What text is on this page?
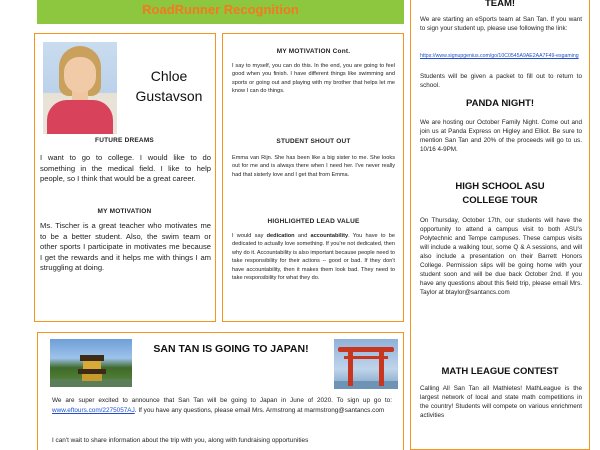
RoadRunner Recognition
Chloe
Gustavson
FUTURE DREAMS
I want to go to college. I would like to do something in the medical field. I like to help people, so I think that would be a great career.
MY MOTIVATION
Ms. Tischer is a great teacher who motivates me to be a better student. Also, the swim team or other sports I participate in motivates me because I get the rewards and it helps me with things I am struggling at doing.
MY MOTIVATION Cont.
I say to myself, you can do this. In the end, you are going to feel good when you finish. I have different things like swimming and sports or going out and playing with my brother that helps let me know I can do things.
STUDENT SHOUT OUT
Emma van Rijn. She has been like a big sister to me. She looks out for me and is always there when I need her. I've never really had that sisterly love and I get that from Emma.
HIGHLIGHTED LEAD VALUE
I would say dedication and accountability. You have to be dedicated to actually love something. If you're not dedicated, then why do it. Accountability is also important because people need to take responsibility for their actions -- good or bad. If they don't have accountability, then it makes them look bad. They need to take responsibility for what they do.
TEAM!
We are starting an eSports team at San Tan. If you want to sign your student up, please use following the link:
https://www.signupgenius.com/go/10C0545A9AE2AA7F49-esgaming
Students will be given a packet to fill out to return to school.
PANDA NIGHT!
We are hosting our October Family Night. Come out and join us at Panda Express on Higley and Elliot. Be sure to mention San Tan and 20% of the proceeds will go to us. 10/16 4-9PM.
HIGH SCHOOL ASU
COLLEGE TOUR
On Thursday, October 17th, our students will have the opportunity to attend a campus visit to both ASU's Polytechnic and Tempe campuses. These campus visits will include a walking tour, some Q & A sessions, and will also include a presentation on their Barrett Honors College. Permission slips will be going home with your student soon and will be due back October 2nd. If you have any questions about this field trip, please email Mrs. Taylor at btaylor@santancs.com
MATH LEAGUE CONTEST
Calling All San Tan all Mathletes! MathLeague is the largest network of local and state math competitions in the country! Students will compete on various enrichment activities
SAN TAN IS GOING TO JAPAN!
We are super excited to announce that San Tan will be going to Japan in June of 2020. To sign up go to: www.eftours.com/2275057AJ. If you have any questions, please email Mrs. Armstrong at marmstrong@santancs.com
I can't wait to share information about the trip with you, along with fundraising opportunities
